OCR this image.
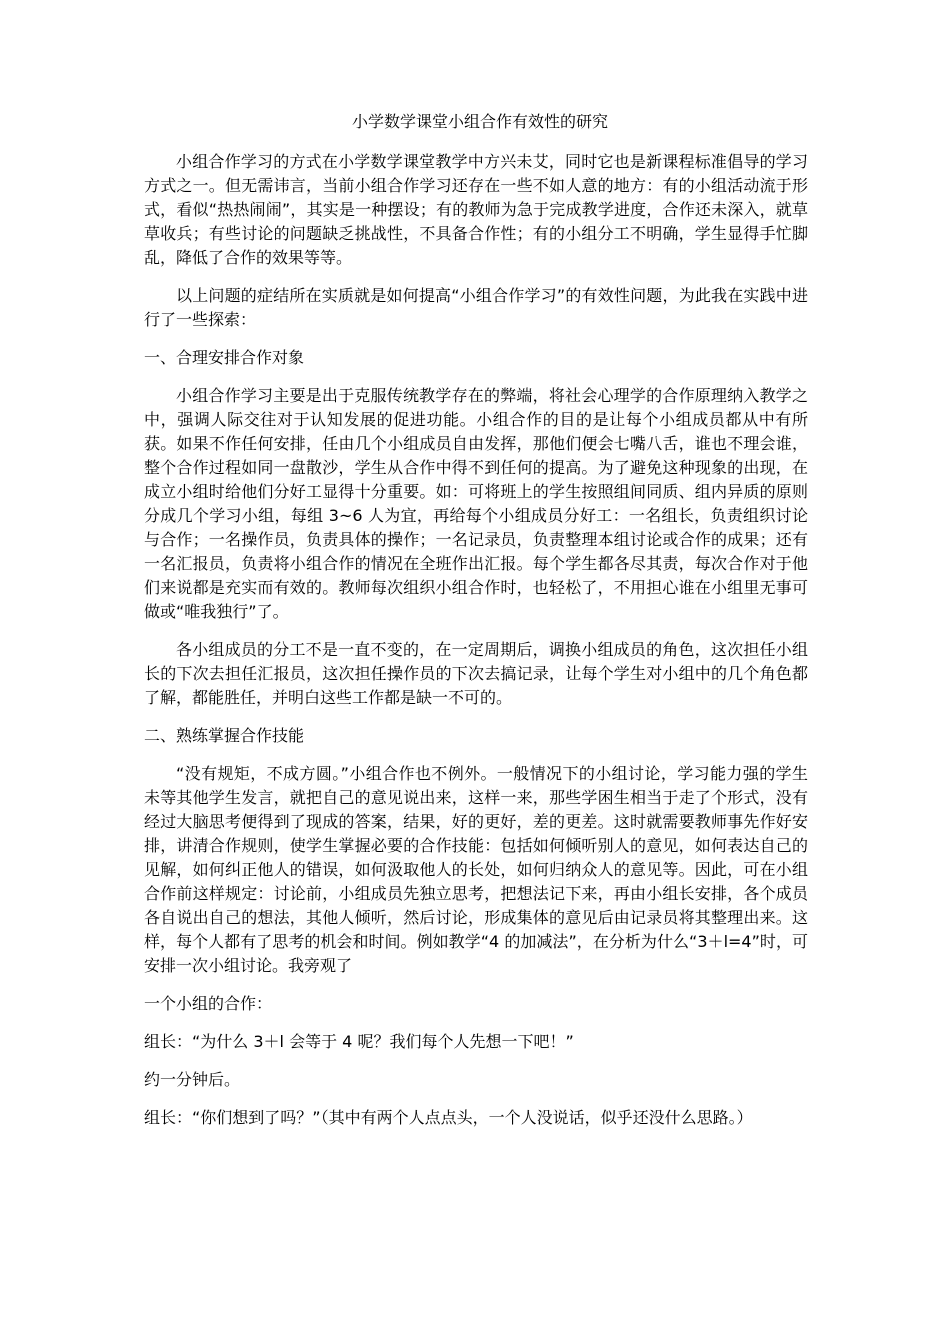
小学数学课堂小组合作有效性的研究

小组合作学习的方式在小学数学课堂教学中方兴未艾，同时它也是新课程标准倡导的学习方式之一。但无需讳言，当前小组合作学习还存在一些不如人意的地方：有的小组活动流于形式，看似“热热闹闹”，其实是一种摆设；有的教师为急于完成教学进度，合作还未深入，就草草收兵；有些讨论的问题缺乏挑战性，不具备合作性；有的小组分工不明确，学生显得手忙脚乱，降低了合作的效果等等。

以上问题的症结所在实质就是如何提高“小组合作学习”的有效性问题，为此我在实践中进行了一些探索：

一、合理安排合作对象

小组合作学习主要是出于克服传统教学存在的弊端，将社会心理学的合作原理纳入教学之中，强调人际交往对于认知发展的促进功能。小组合作的目的是让每个小组成员都从中有所获。如果不作任何安排，任由几个小组成员自由发挥，那他们便会七嘴八舌，谁也不理会谁，整个合作过程如同一盘散沙，学生从合作中得不到任何的提高。为了避免这种现象的出现，在成立小组时给他们分好工显得十分重要。如：可将班上的学生按照组间同质、组内异质的原则分成几个学习小组，每组 3~6 人为宜，再给每个小组成员分好工：一名组长，负责组织讨论与合作；一名操作员，负责具体的操作；一名记录员，负责整理本组讨论或合作的成果；还有一名汇报员，负责将小组合作的情况在全班作出汇报。每个学生都各尽其责，每次合作对于他们来说都是充实而有效的。教师每次组织小组合作时，也轻松了，不用担心谁在小组里无事可做或“唯我独行”了。

各小组成员的分工不是一直不变的，在一定周期后，调换小组成员的角色，这次担任小组长的下次去担任汇报员，这次担任操作员的下次去搞记录，让每个学生对小组中的几个角色都了解，都能胜任，并明白这些工作都是缺一不可的。

二、熟练掌握合作技能

“没有规矩，不成方圆。”小组合作也不例外。一般情况下的小组讨论，学习能力强的学生未等其他学生发言，就把自己的意见说出来，这样一来，那些学困生相当于走了个形式，没有经过大脑思考便得到了现成的答案，结果，好的更好，差的更差。这时就需要教师事先作好安排，讲清合作规则，使学生掌握必要的合作技能：包括如何倾听别人的意见，如何表达自己的见解，如何纠正他人的错误，如何汲取他人的长处，如何归纳众人的意见等。因此，可在小组合作前这样规定：讨论前，小组成员先独立思考，把想法记下来，再由小组长安排，各个成员各自说出自己的想法，其他人倾听，然后讨论，形成集体的意见后由记录员将其整理出来。这样，每个人都有了思考的机会和时间。例如教学“4 的加减法”，在分析为什么“3＋l=4”时，可安排一次小组讨论。我旁观了

一个小组的合作：

组长：“为什么 3＋l 会等于 4 呢？我们每个人先想一下吧！”

约一分钟后。

组长：“你们想到了吗？”（其中有两个人点点头，一个人没说话，似乎还没什么思路。）
